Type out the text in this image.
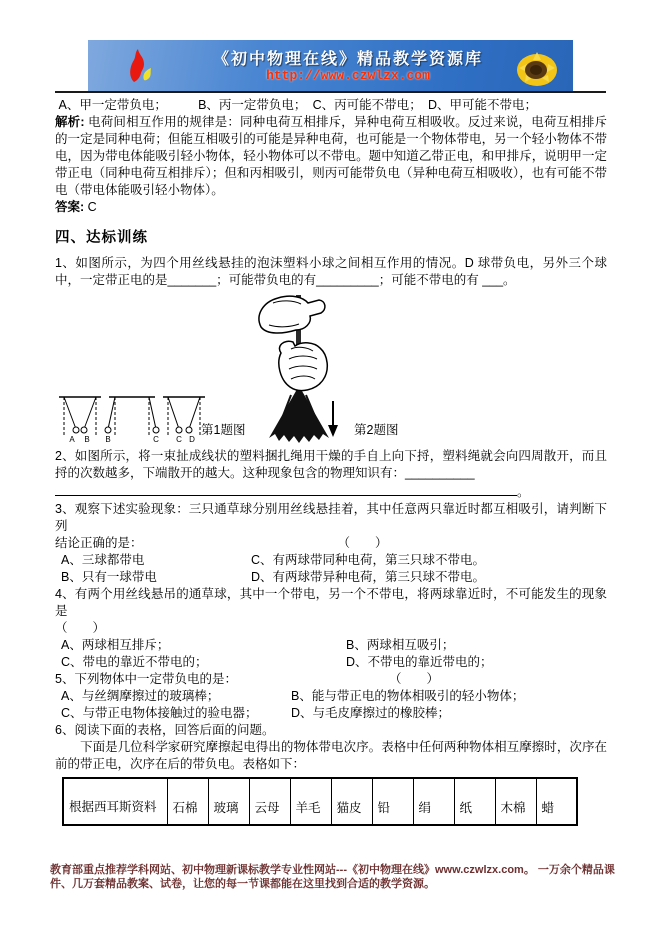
《初中物理在线》精品教学资源库
http://www.czwlzx.com
A、甲一定带负电；　　　B、丙一定带负电；　C、丙可能不带电；　D、甲可能不带电；
解析: 电荷间相互作用的规律是：同种电荷互相排斥，异种电荷互相吸收。反过来说，电荷互相排斥的一定是同种电荷；但能互相吸引的可能是异种电荷，也可能是一个物体带电，另一个轻小物体不带电，因为带电体能吸引轻小物体，轻小物体可以不带电。题中知道乙带正电，和甲排斥，说明甲一定带正电（同种电荷互相排斥）；但和丙相吸引，则丙可能带负电（异种电荷互相吸收），也有可能不带电（带电体能吸引轻小物体）。
答案: C
四、达标训练
1、如图所示，为四个用丝线悬挂的泡沫塑料小球之间相互作用的情况。D 球带负电，另外三个球中，一定带正电的是_______；可能带负电的有_________；可能不带电的有 ___。
A B B	C C D
第1题图	第2题图
2、如图所示，将一束扯成线状的塑料捆扎绳用干燥的手自上向下捋，塑料绳就会向四周散开，而且捋的次数越多，下端散开的越大。这种现象包含的物理知识有：__________
。
3、观察下述实验现象：三只通草球分别用丝线悬挂着，其中任意两只靠近时都互相吸引，请判断下列
结论正确的是：	（　　）
A、三球都带电	C、有两球带同种电荷，第三只球不带电。
B、只有一球带电	D、有两球带异种电荷，第三只球不带电。
4、有两个用丝线悬吊的通草球，其中一个带电，另一个不带电，将两球靠近时，不可能发生的现象是
（　　）
A、两球相互排斥；	B、两球相互吸引；
C、带电的靠近不带电的；	D、不带电的靠近带电的；
5、下列物体中一定带负电的是：	（　　）
A、与丝绸摩擦过的玻璃棒；	B、能与带正电的物体相吸引的轻小物体；
C、与带正电物体接触过的验电器；	D、与毛皮摩擦过的橡胶棒；
6、阅读下面的表格，回答后面的问题。
　　下面是几位科学家研究摩擦起电得出的物体带电次序。表格中任何两种物体相互摩擦时，次序在前的带正电，次序在后的带负电。表格如下：
根据西耳斯资料	石棉	玻璃	云母	羊毛	猫皮	铅	绢	纸	木棉	蜡
教育部重点推荐学科网站、初中物理新课标教学专业性网站---《初中物理在线》www.czwlzx.com。 一万余个精品课件、几万套精品教案、试卷，让您的每一节课都能在这里找到合适的教学资源。
